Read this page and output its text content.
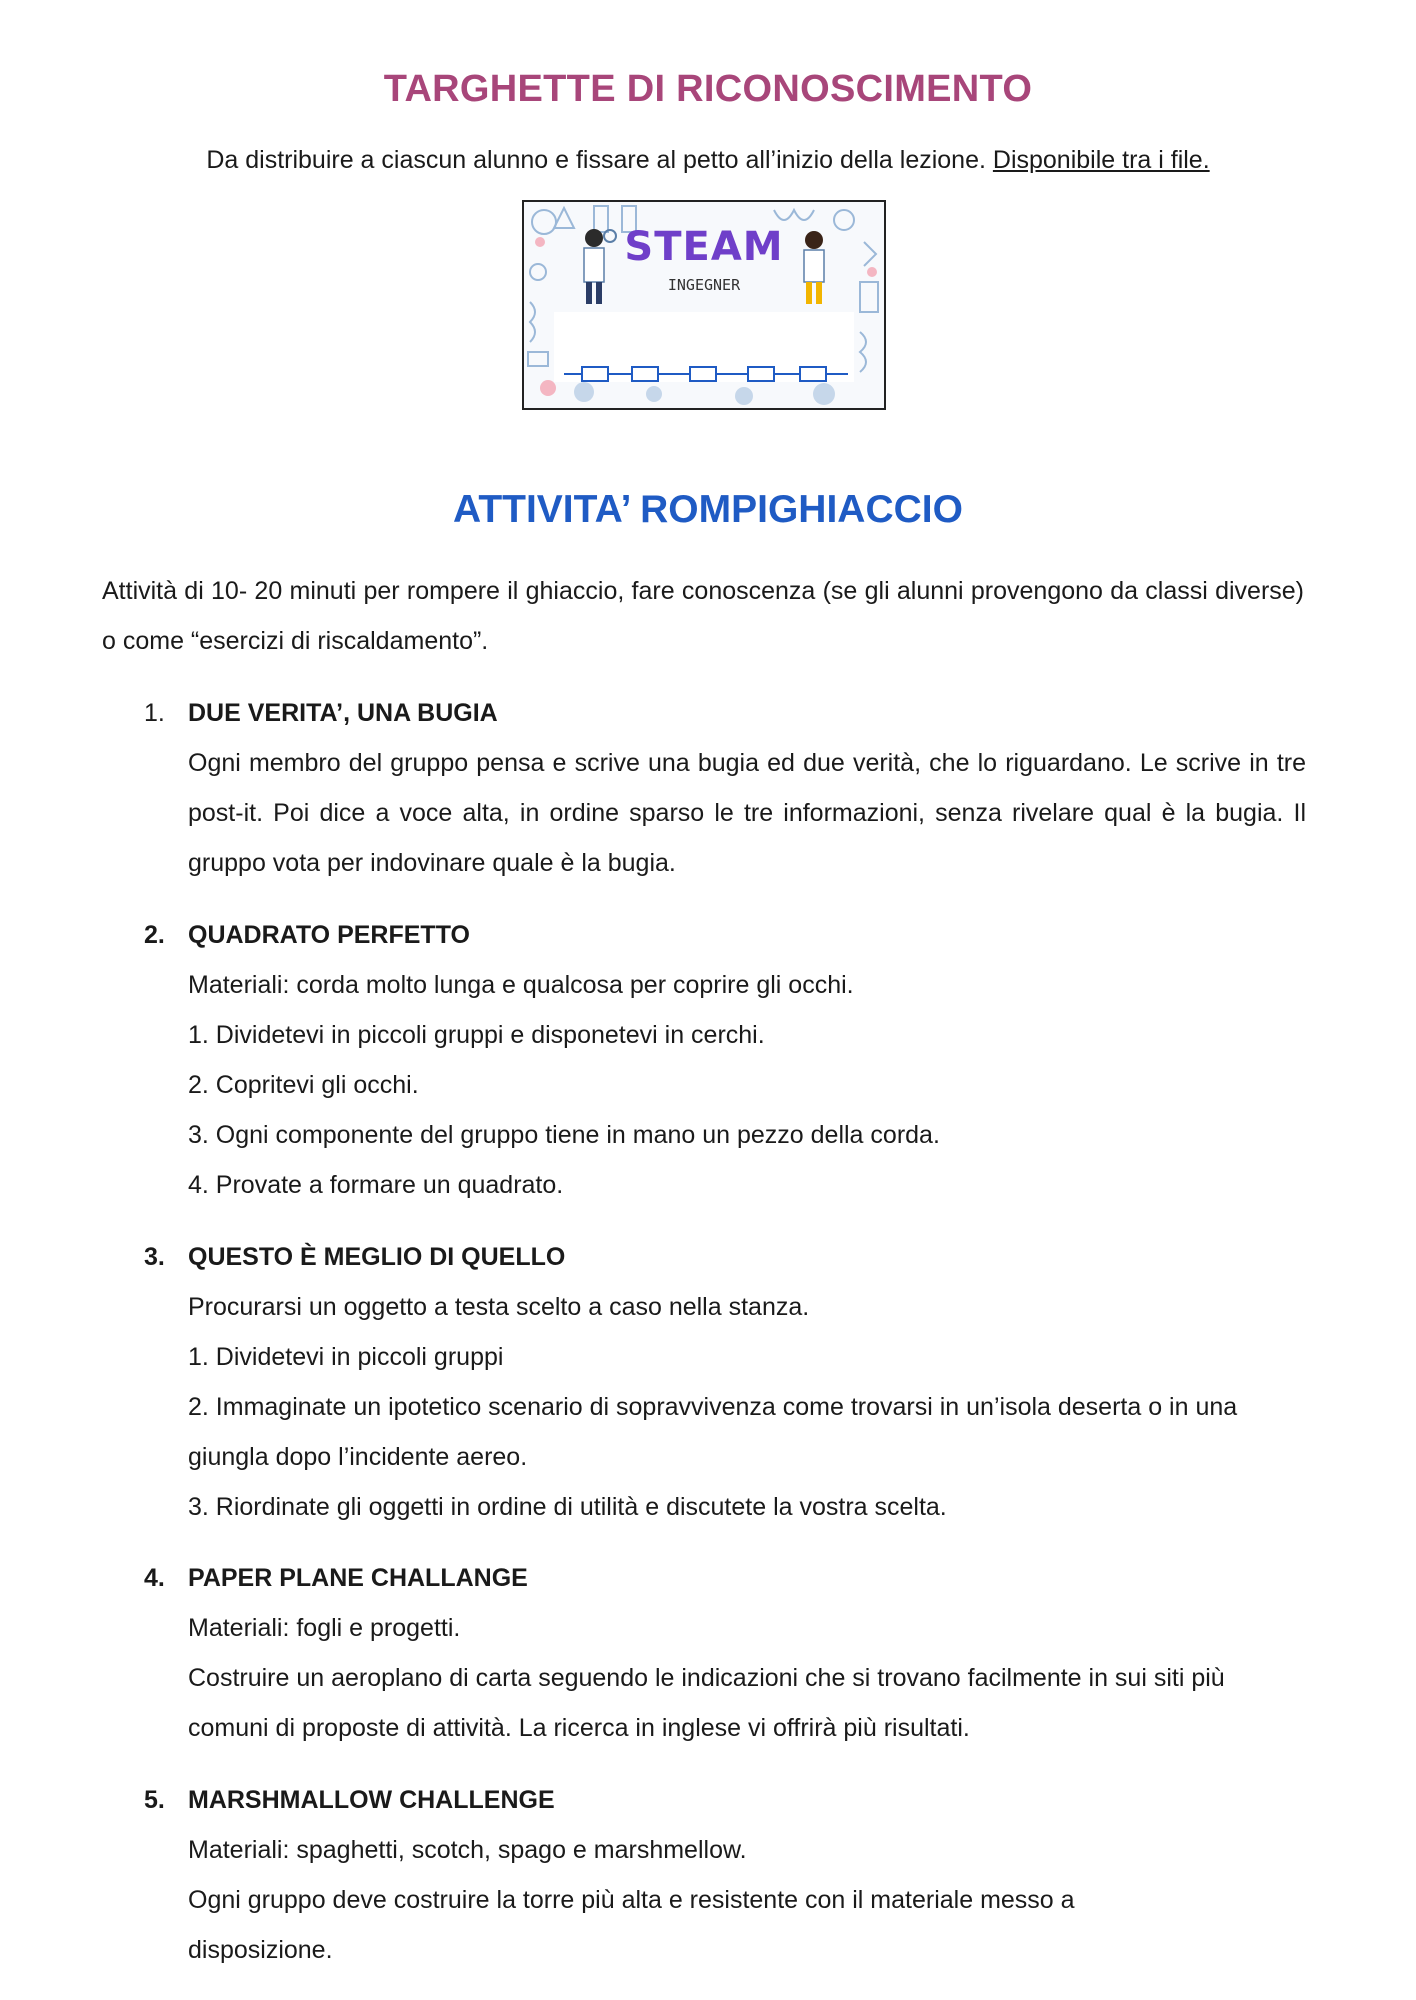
TARGHETTE DI RICONOSCIMENTO
Da distribuire a ciascun alunno e fissare al petto all’inizio della lezione. Disponibile tra i file.
STEAM
INGEGNER
ATTIVITA’ ROMPIGHIACCIO
Attività di 10- 20 minuti per rompere il ghiaccio, fare conoscenza (se gli alunni provengono da classi diverse) o come “esercizi di riscaldamento”.
1. DUE VERITA’, UNA BUGIA
Ogni membro del gruppo pensa e scrive una bugia ed due verità, che lo riguardano. Le scrive in tre post-it. Poi dice a voce alta, in ordine sparso le tre informazioni, senza rivelare qual è la bugia. Il gruppo vota per indovinare quale è la bugia.
2. QUADRATO PERFETTO
Materiali: corda molto lunga e qualcosa per coprire gli occhi.
1. Dividetevi in piccoli gruppi e disponetevi in cerchi.
2. Copritevi gli occhi.
3. Ogni componente del gruppo tiene in mano un pezzo della corda.
4. Provate a formare un quadrato.
3. QUESTO È MEGLIO DI QUELLO
Procurarsi un oggetto a testa scelto a caso nella stanza.
1. Dividetevi in piccoli gruppi
2. Immaginate un ipotetico scenario di sopravvivenza come trovarsi in un’isola deserta o in una giungla dopo l’incidente aereo.
3. Riordinate gli oggetti in ordine di utilità e discutete la vostra scelta.
4. PAPER PLANE CHALLANGE
Materiali: fogli e progetti.
Costruire un aeroplano di carta seguendo le indicazioni che si trovano facilmente in sui siti più comuni di proposte di attività. La ricerca in inglese vi offrirà più risultati.
5. MARSHMALLOW CHALLENGE
Materiali: spaghetti, scotch, spago e marshmellow.
Ogni gruppo deve costruire la torre più alta e resistente con il materiale messo a disposizione.
